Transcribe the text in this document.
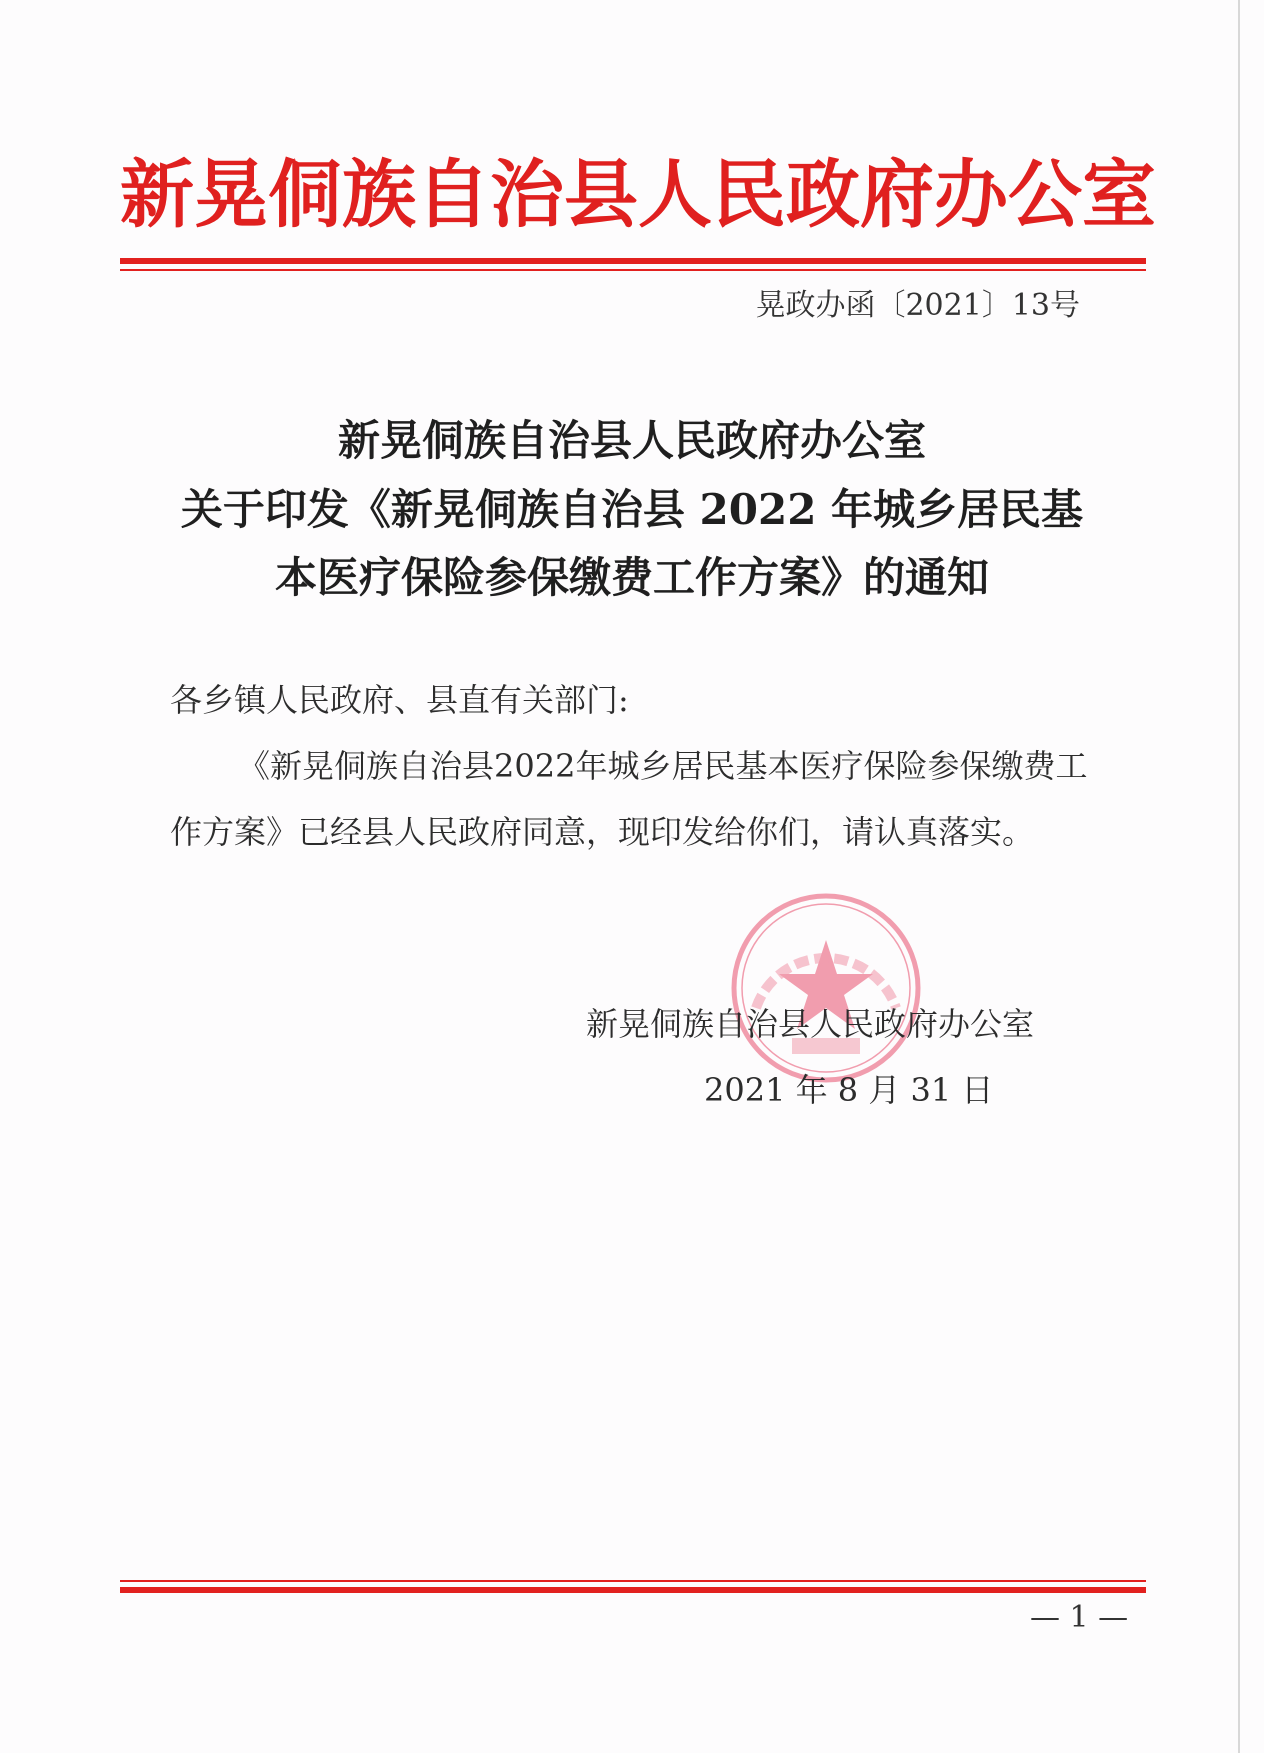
新晃侗族自治县人民政府办公室
晃政办函〔2021〕13号
新晃侗族自治县人民政府办公室
关于印发《新晃侗族自治县 2022 年城乡居民基
本医疗保险参保缴费工作方案》的通知
各乡镇人民政府、县直有关部门:
《新晃侗族自治县2022年城乡居民基本医疗保险参保缴费工
作方案》已经县人民政府同意，现印发给你们，请认真落实。
新晃侗族自治县人民政府办公室
2021 年 8 月 31 日
— 1 —
